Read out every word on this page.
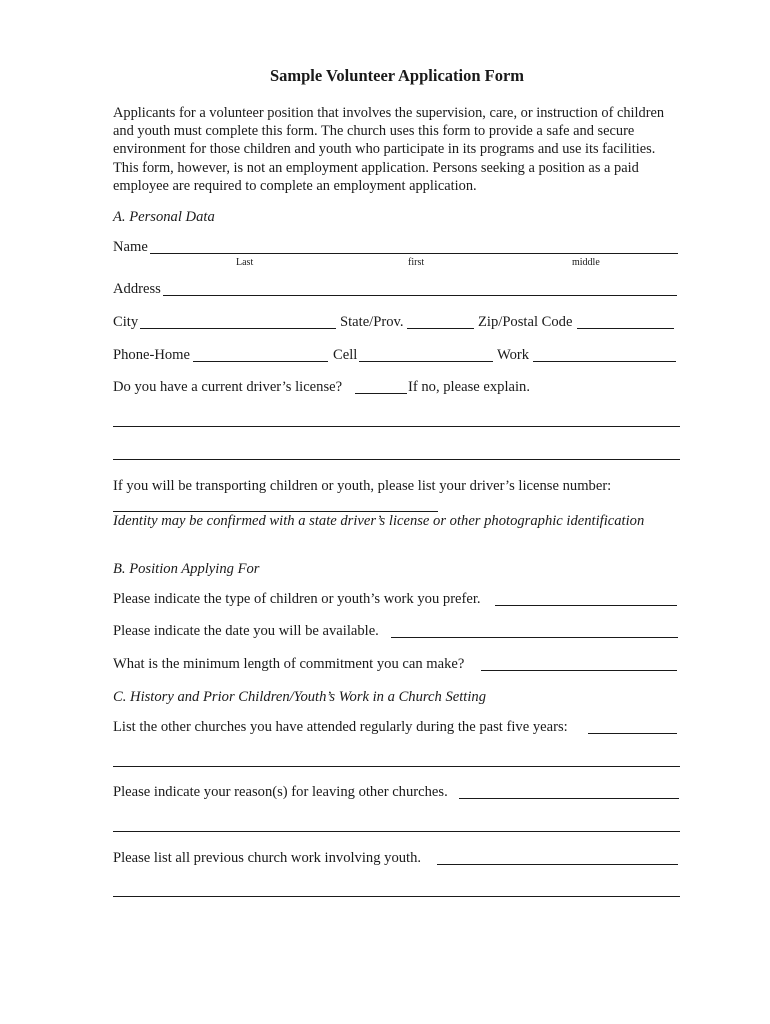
Sample Volunteer Application Form
Applicants for a volunteer position that involves the supervision, care, or instruction of children and youth must complete this form. The church uses this form to provide a safe and secure environment for those children and youth who participate in its programs and use its facilities. This form, however, is not an employment application. Persons seeking a position as a paid employee are required to complete an employment application.
A. Personal Data
Name
Last	first	middle
Address
City	State/Prov.	Zip/Postal Code
Phone-Home	Cell	Work
Do you have a current driver’s license?	If no, please explain.
If you will be transporting children or youth, please list your driver’s license number:
Identity may be confirmed with a state driver’s license or other photographic identification
B. Position Applying For
Please indicate the type of children or youth’s work you prefer.
Please indicate the date you will be available.
What is the minimum length of commitment you can make?
C. History and Prior Children/Youth’s Work in a Church Setting
List the other churches you have attended regularly during the past five years:
Please indicate your reason(s) for leaving other churches.
Please list all previous church work involving youth.
